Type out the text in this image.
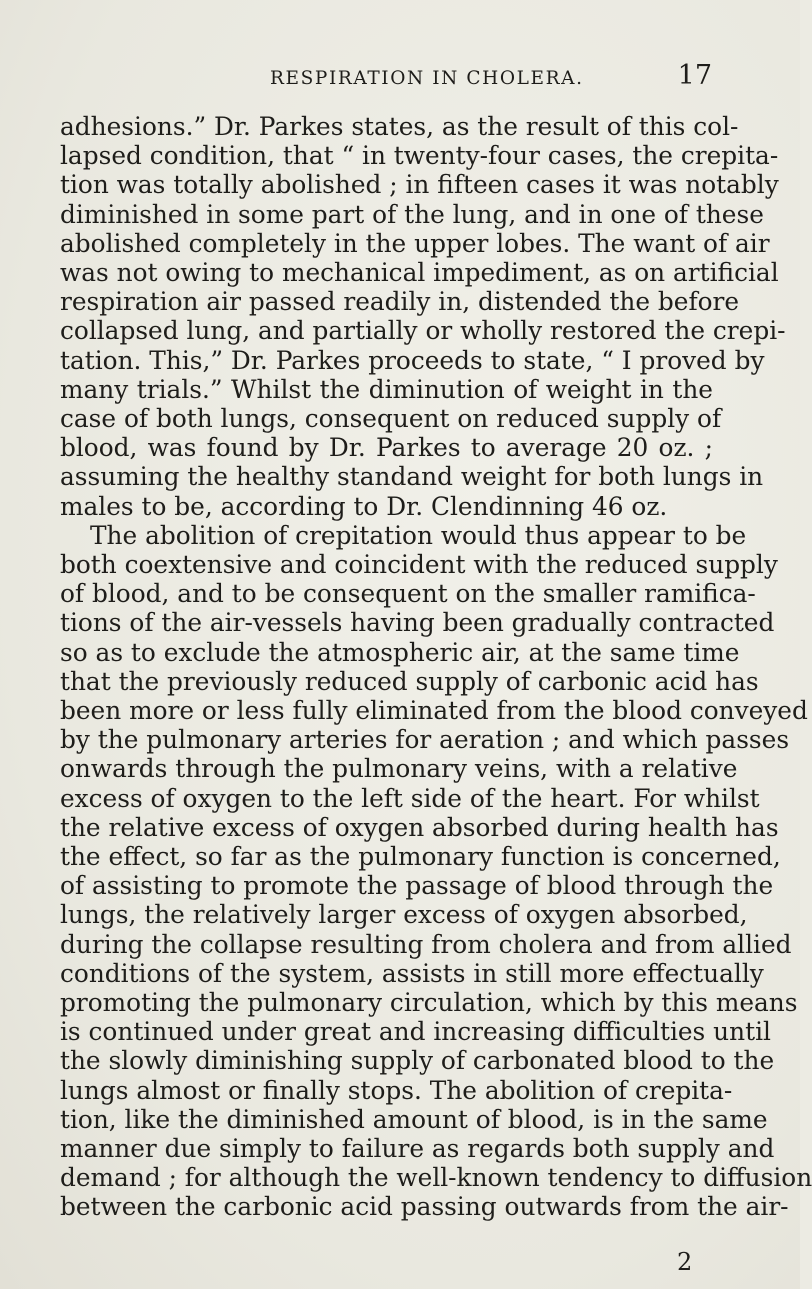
RESPIRATION IN CHOLERA.	17
adhesions.” Dr. Parkes states, as the result of this col-
lapsed condition, that “ in twenty-four cases, the crepita-
tion was totally abolished ; in fifteen cases it was notably
diminished in some part of the lung, and in one of these
abolished completely in the upper lobes. The want of air
was not owing to mechanical impediment, as on artificial
respiration air passed readily in, distended the before
collapsed lung, and partially or wholly restored the crepi-
tation. This,” Dr. Parkes proceeds to state, “ I proved by
many trials.” Whilst the diminution of weight in the
case of both lungs, consequent on reduced supply of
blood, was found by Dr. Parkes to average 20 oz. ;
assuming the healthy standand weight for both lungs in
males to be, according to Dr. Clendinning 46 oz.
The abolition of crepitation would thus appear to be
both coextensive and coincident with the reduced supply
of blood, and to be consequent on the smaller ramifica-
tions of the air-vessels having been gradually contracted
so as to exclude the atmospheric air, at the same time
that the previously reduced supply of carbonic acid has
been more or less fully eliminated from the blood conveyed
by the pulmonary arteries for aeration ; and which passes
onwards through the pulmonary veins, with a relative
excess of oxygen to the left side of the heart. For whilst
the relative excess of oxygen absorbed during health has
the effect, so far as the pulmonary function is concerned,
of assisting to promote the passage of blood through the
lungs, the relatively larger excess of oxygen absorbed,
during the collapse resulting from cholera and from allied
conditions of the system, assists in still more effectually
promoting the pulmonary circulation, which by this means
is continued under great and increasing difficulties until
the slowly diminishing supply of carbonated blood to the
lungs almost or finally stops. The abolition of crepita-
tion, like the diminished amount of blood, is in the same
manner due simply to failure as regards both supply and
demand ; for although the well-known tendency to diffusion
between the carbonic acid passing outwards from the air-
2
